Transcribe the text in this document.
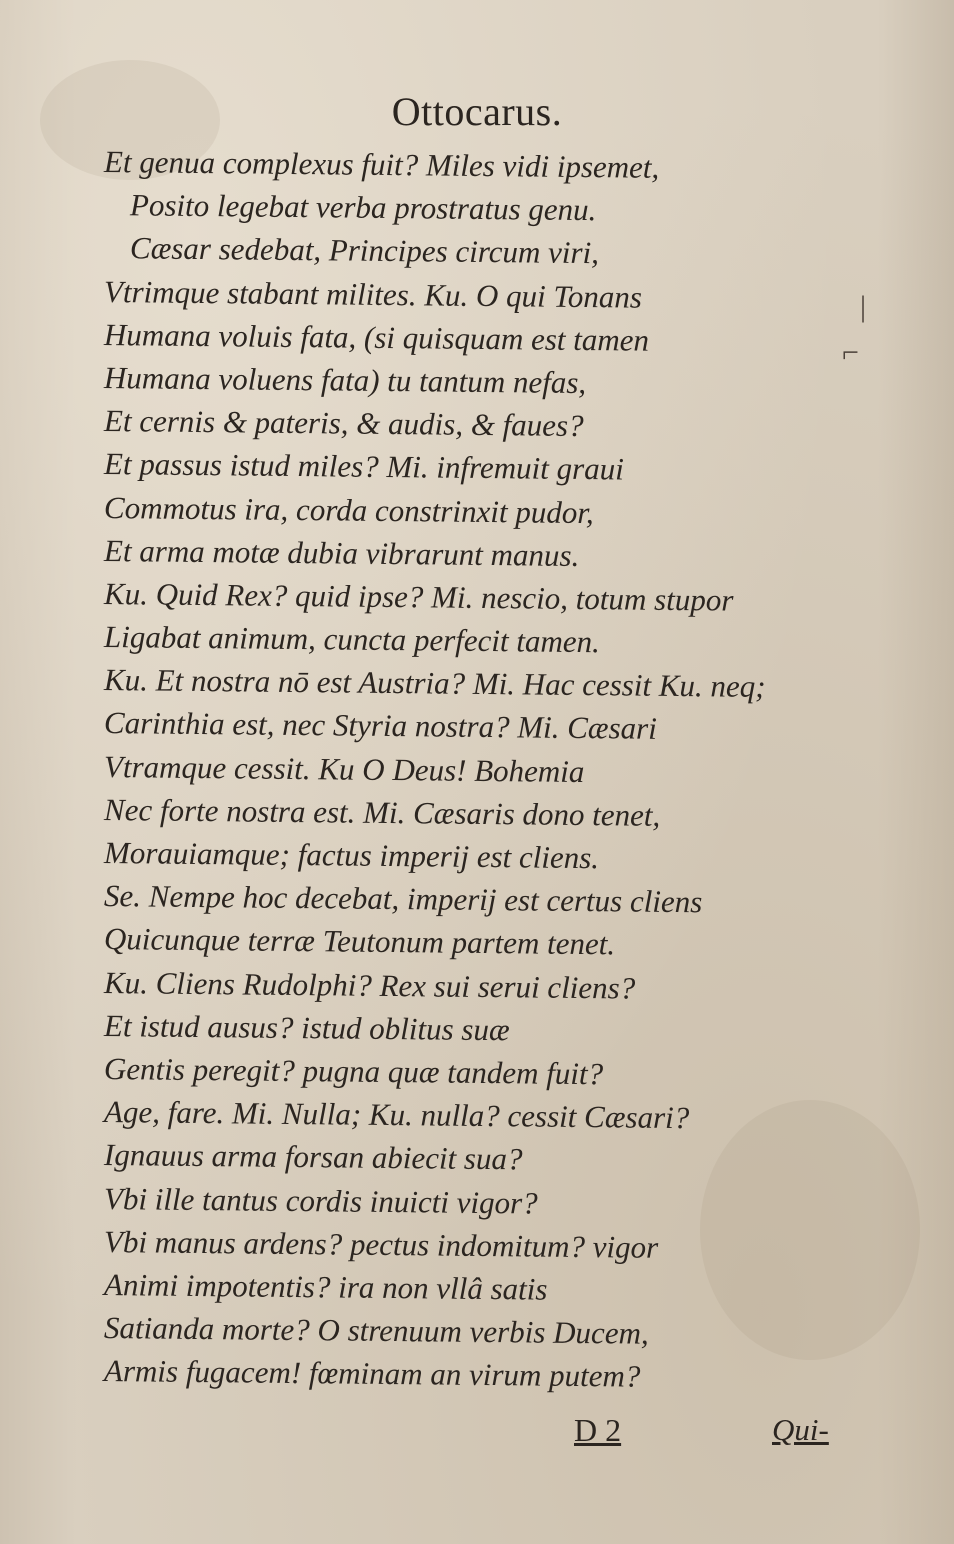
Ottocarus.
Et genua complexus fuit? Miles vidi ipsemet,
Posito legebat verba prostratus genu.
Cæsar sedebat, Principes circum viri,
Vtrimque stabant milites. Ku. O qui Tonans
Humana voluis fata, (si quisquam est tamen
Humana voluens fata) tu tantum nefas,
Et cernis & pateris, & audis, & faues?
Et passus istud miles? Mi. infremuit graui
Commotus ira, corda constrinxit pudor,
Et arma motæ dubia vibrarunt manus.
Ku. Quid Rex? quid ipse? Mi. nescio, totum stupor
Ligabat animum, cuncta perfecit tamen.
Ku. Et nostra nō est Austria? Mi. Hac cessit Ku. neq;
Carinthia est, nec Styria nostra? Mi. Cæsari
Vtramque cessit. Ku O Deus! Bohemia
Nec forte nostra est. Mi. Cæsaris dono tenet,
Morauiamque; factus imperij est cliens.
Se. Nempe hoc decebat, imperij est certus cliens
Quicunque terræ Teutonum partem tenet.
Ku. Cliens Rudolphi? Rex sui serui cliens?
Et istud ausus? istud oblitus suæ
Gentis peregit? pugna quæ tandem fuit?
Age, fare. Mi. Nulla; Ku. nulla? cessit Cæsari?
Ignauus arma forsan abiecit sua?
Vbi ille tantus cordis inuicti vigor?
Vbi manus ardens? pectus indomitum? vigor
Animi impotentis? ira non vllâ satis
Satianda morte? O strenuum verbis Ducem,
Armis fugacem! fœminam an virum putem?
|
⌐
D 2	Qui-
